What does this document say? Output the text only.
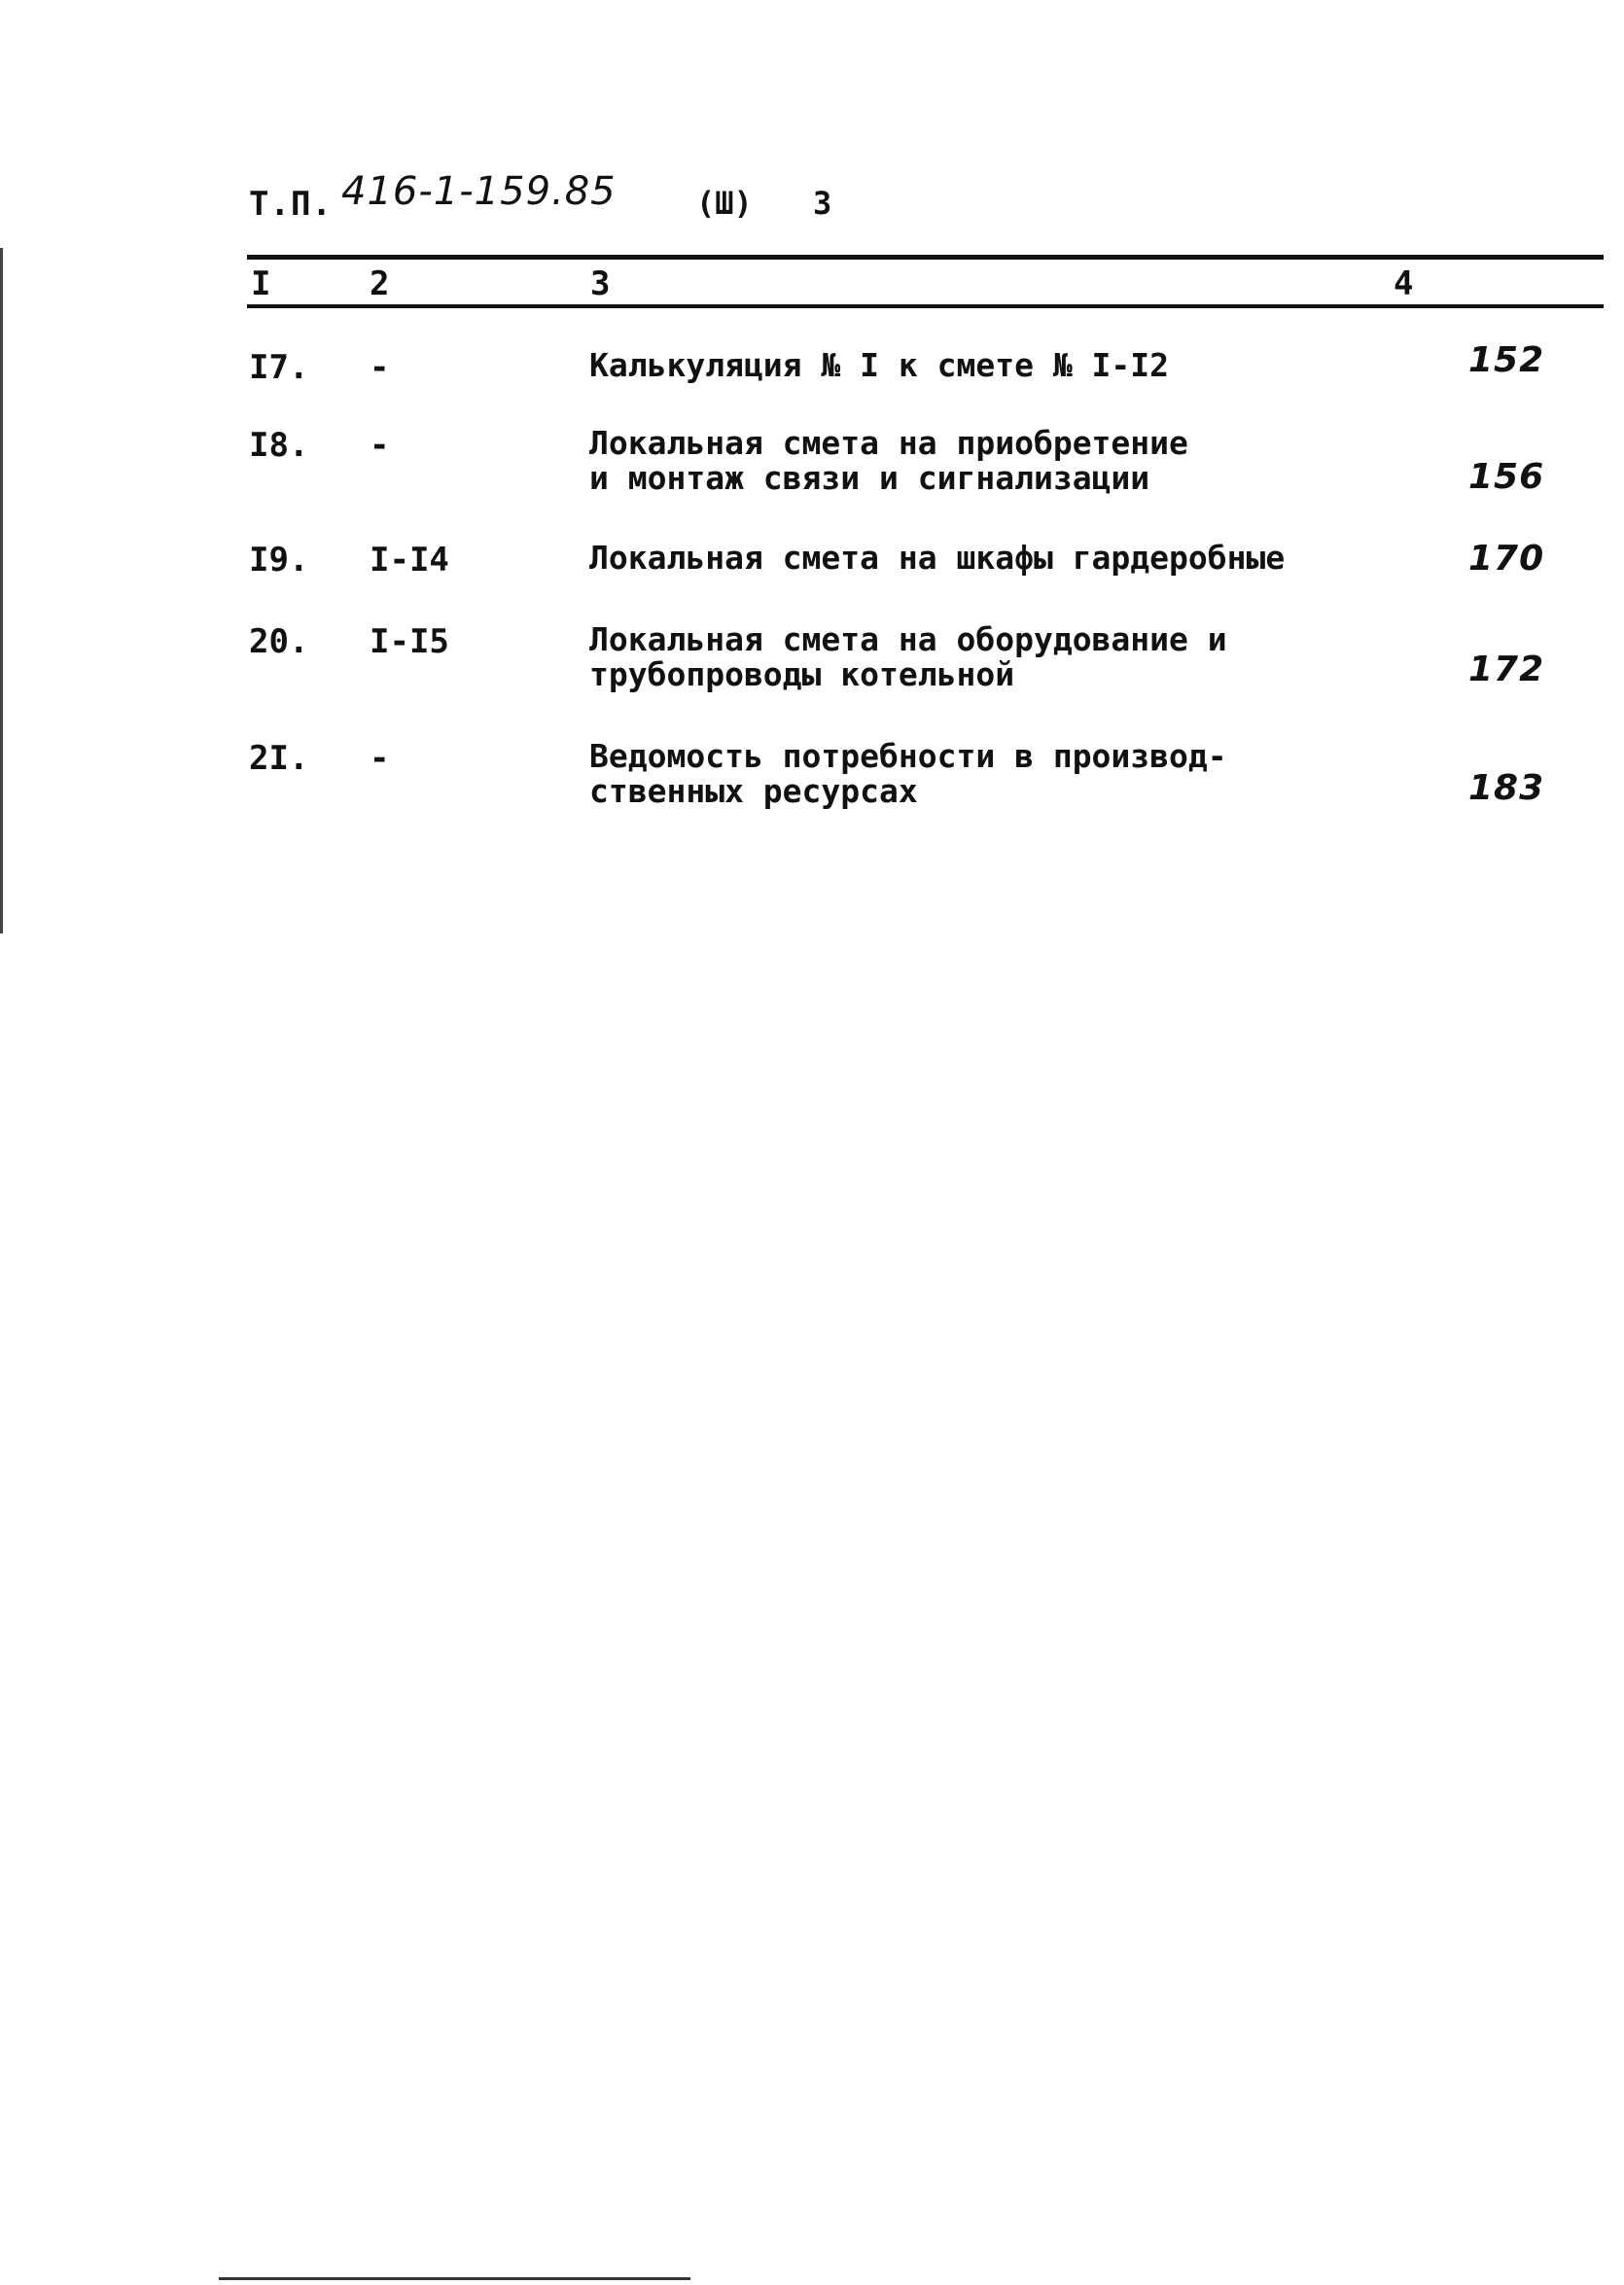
Т.П. 416-1-159.85	(Ш) 3
I	2	3	4
I7. -	Калькуляция № I к смете № I-I2	152
I8. -	Локальная смета на приобретение
и монтаж связи и сигнализации	156
I9. I-I4	Локальная смета на шкафы гардеробные	170
20. I-I5	Локальная смета на оборудование и
трубопроводы котельной	172
2I. -	Ведомость потребности в производ-
ственных ресурсах	183
